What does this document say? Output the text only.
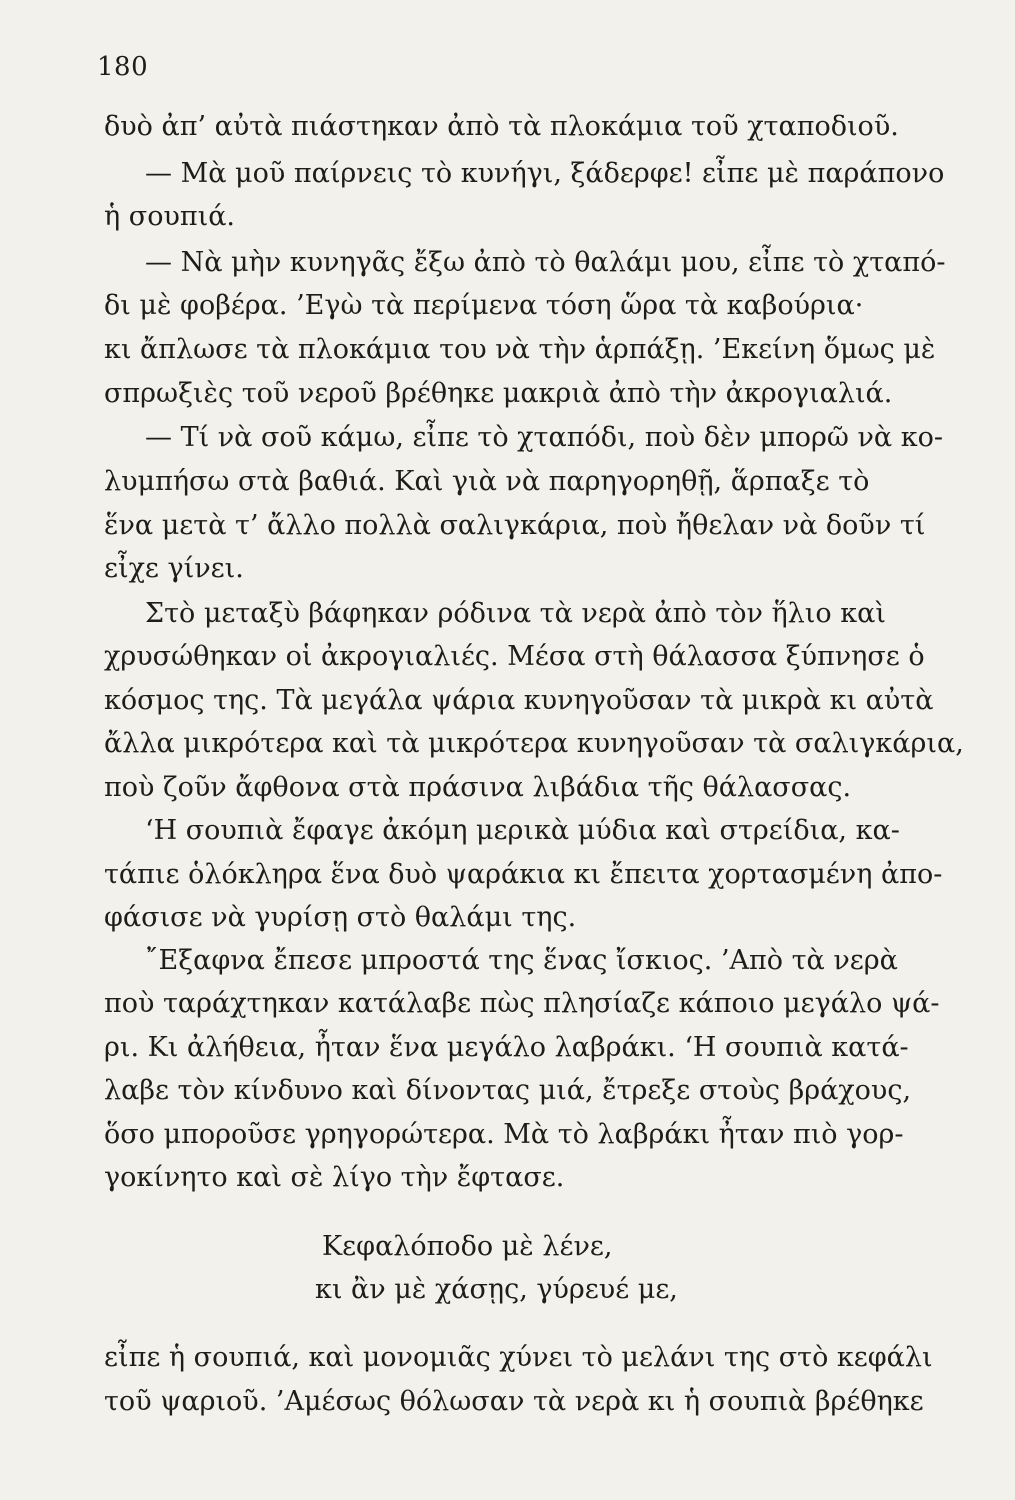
180
δυὸ ἀπ’ αὐτὰ πιάστηκαν ἀπὸ τὰ πλοκάμια τοῦ χταποδιοῦ.
— Μὰ μοῦ παίρνεις τὸ κυνήγι, ξάδερφε! εἶπε μὲ παράπονο
ἡ σουπιά.
— Νὰ μὴν κυνηγᾶς ἔξω ἀπὸ τὸ θαλάμι μου, εἶπε τὸ χταπό-
δι μὲ φοβέρα. ’Εγὼ τὰ περίμενα τόση ὥρα τὰ καβούρια·
κι ἄπλωσε τὰ πλοκάμια του νὰ τὴν ἁρπάξῃ. ’Εκείνη ὅμως μὲ
σπρωξιὲς τοῦ νεροῦ βρέθηκε μακριὰ ἀπὸ τὴν ἀκρογιαλιά.
— Τί νὰ σοῦ κάμω, εἶπε τὸ χταπόδι, ποὺ δὲν μπορῶ νὰ κο-
λυμπήσω στὰ βαθιά. Καὶ γιὰ νὰ παρηγορηθῇ, ἅρπαξε τὸ
ἕνα μετὰ τ’ ἄλλο πολλὰ σαλιγκάρια, ποὺ ἤθελαν νὰ δοῦν τί
εἶχε γίνει.
Στὸ μεταξὺ βάφηκαν ρόδινα τὰ νερὰ ἀπὸ τὸν ἥλιο καὶ
χρυσώθηκαν οἱ ἀκρογιαλιές. Μέσα στὴ θάλασσα ξύπνησε ὁ
κόσμος της. Τὰ μεγάλα ψάρια κυνηγοῦσαν τὰ μικρὰ κι αὐτὰ
ἄλλα μικρότερα καὶ τὰ μικρότερα κυνηγοῦσαν τὰ σαλιγκάρια,
ποὺ ζοῦν ἄφθονα στὰ πράσινα λιβάδια τῆς θάλασσας.
‘Η σουπιὰ ἔφαγε ἀκόμη μερικὰ μύδια καὶ στρείδια, κα-
τάπιε ὁλόκληρα ἕνα δυὸ ψαράκια κι ἔπειτα χορτασμένη ἀπο-
φάσισε νὰ γυρίσῃ στὸ θαλάμι της.
῎Εξαφνα ἔπεσε μπροστά της ἕνας ἴσκιος. ’Απὸ τὰ νερὰ
ποὺ ταράχτηκαν κατάλαβε πὼς πλησίαζε κάποιο μεγάλο ψά-
ρι. Κι ἀλήθεια, ἦταν ἕνα μεγάλο λαβράκι. ‘Η σουπιὰ κατά-
λαβε τὸν κίνδυνο καὶ δίνοντας μιά, ἔτρεξε στοὺς βράχους,
ὅσο μποροῦσε γρηγορώτερα. Μὰ τὸ λαβράκι ἦταν πιὸ γορ-
γοκίνητο καὶ σὲ λίγο τὴν ἔφτασε.
Κεφαλόποδο μὲ λένε,
κι ἂν μὲ χάσῃς, γύρευέ με,
εἶπε ἡ σουπιά, καὶ μονομιᾶς χύνει τὸ μελάνι της στὸ κεφάλι
τοῦ ψαριοῦ. ’Αμέσως θόλωσαν τὰ νερὰ κι ἡ σουπιὰ βρέθηκε
